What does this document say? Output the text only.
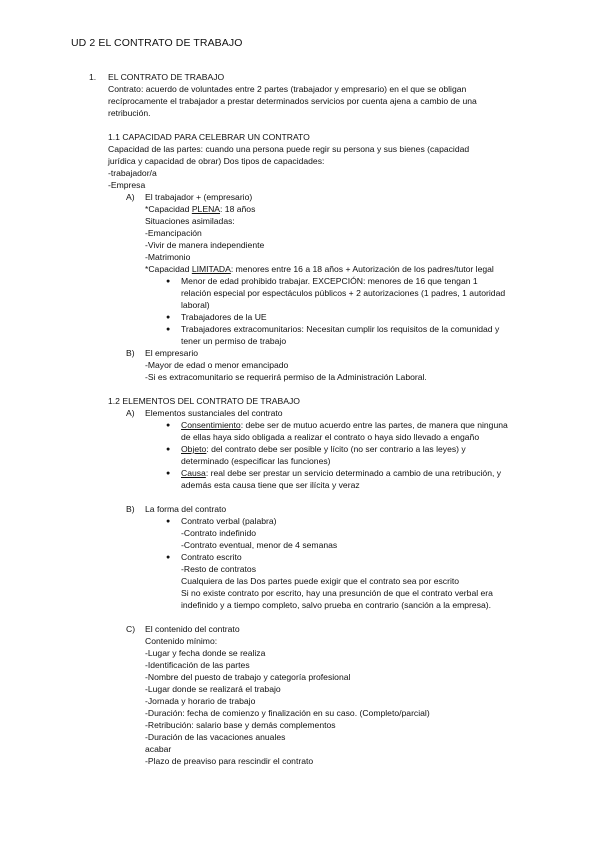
UD 2 EL CONTRATO DE TRABAJO
1. EL CONTRATO DE TRABAJO
Contrato: acuerdo de voluntades entre 2 partes (trabajador y empresario) en el que se obligan
recíprocamente el trabajador a prestar determinados servicios por cuenta ajena a cambio de una
retribución.
1.1 CAPACIDAD PARA CELEBRAR UN CONTRATO
Capacidad de las partes: cuando una persona puede regir su persona y sus bienes (capacidad
jurídica y capacidad de obrar) Dos tipos de capacidades:
-trabajador/a
-Empresa
A) El trabajador + (empresario)
*Capacidad PLENA: 18 años
Situaciones asimiladas:
-Emancipación
-Vivir de manera independiente
-Matrimonio
*Capacidad LIMITADA: menores entre 16 a 18 años + Autorización de los padres/tutor legal
● Menor de edad prohibido trabajar. EXCEPCIÓN: menores de 16 que tengan 1
relación especial por espectáculos públicos + 2 autorizaciones (1 padres, 1 autoridad
laboral)
● Trabajadores de la UE
● Trabajadores extracomunitarios: Necesitan cumplir los requisitos de la comunidad y
tener un permiso de trabajo
B) El empresario
-Mayor de edad o menor emancipado
-Si es extracomunitario se requerirá permiso de la Administración Laboral.
1.2 ELEMENTOS DEL CONTRATO DE TRABAJO
A) Elementos sustanciales del contrato
● Consentimiento: debe ser de mutuo acuerdo entre las partes, de manera que ninguna
de ellas haya sido obligada a realizar el contrato o haya sido llevado a engaño
● Objeto: del contrato debe ser posible y lícito (no ser contrario a las leyes) y
determinado (especificar las funciones)
● Causa: real debe ser prestar un servicio determinado a cambio de una retribución, y
además esta causa tiene que ser ilícita y veraz
B) La forma del contrato
● Contrato verbal (palabra)
-Contrato indefinido
-Contrato eventual, menor de 4 semanas
● Contrato escrito
-Resto de contratos
Cualquiera de las Dos partes puede exigir que el contrato sea por escrito
Si no existe contrato por escrito, hay una presunción de que el contrato verbal era
indefinido y a tiempo completo, salvo prueba en contrario (sanción a la empresa).
C) El contenido del contrato
Contenido mínimo:
-Lugar y fecha donde se realiza
-Identificación de las partes
-Nombre del puesto de trabajo y categoría profesional
-Lugar donde se realizará el trabajo
-Jornada y horario de trabajo
-Duración: fecha de comienzo y finalización en su caso. (Completo/parcial)
-Retribución: salario base y demás complementos
-Duración de las vacaciones anuales
acabar
-Plazo de preaviso para rescindir el contrato
